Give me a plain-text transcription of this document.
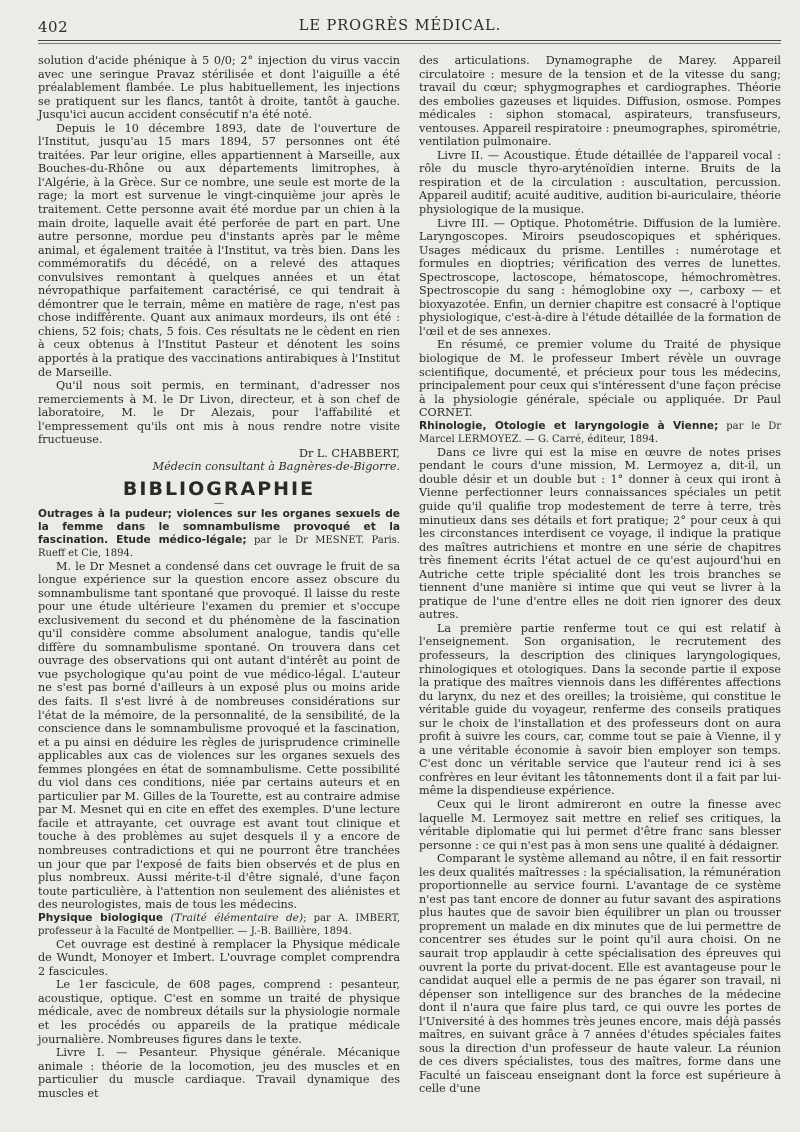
402	LE PROGRÈS MÉDICAL.

solution d'acide phénique à 5 0/0; 2° injection du virus vaccin avec une seringue Pravaz stérilisée et dont l'aiguille a été préalablement flambée. Le plus habituellement, les injections se pratiquent sur les flancs, tantôt à droite, tantôt à gauche. Jusqu'ici aucun accident consécutif n'a été noté.

Depuis le 10 décembre 1893, date de l'ouverture de l'Institut, jusqu'au 15 mars 1894, 57 personnes ont été traitées. Par leur origine, elles appartiennent à Marseille, aux Bouches-du-Rhône ou aux départements limitrophes, à l'Algérie, à la Grèce. Sur ce nombre, une seule est morte de la rage; la mort est survenue le vingt-cinquième jour après le traitement. Cette personne avait été mordue par un chien à la main droite, laquelle avait été perforée de part en part. Une autre personne, mordue peu d'instants après par le même animal, et également traitée à l'Institut, va très bien. Dans les commémoratifs du décédé, on a relevé des attaques convulsives remontant à quelques années et un état névropathique parfaitement caractérisé, ce qui tendrait à démontrer que le terrain, même en matière de rage, n'est pas chose indifférente. Quant aux animaux mordeurs, ils ont été : chiens, 52 fois; chats, 5 fois. Ces résultats ne le cèdent en rien à ceux obtenus à l'Institut Pasteur et dénotent les soins apportés à la pratique des vaccinations antirabiques à l'Institut de Marseille.

Qu'il nous soit permis, en terminant, d'adresser nos remerciements à M. le Dr Livon, directeur, et à son chef de laboratoire, M. le Dr Alezais, pour l'affabilité et l'empressement qu'ils ont mis à nous rendre notre visite fructueuse.

Dr L. CHABBERT,

Médecin consultant à Bagnères-de-Bigorre.

BIBLIOGRAPHIE
—

Outrages à la pudeur; violences sur les organes sexuels de la femme dans le somnambulisme provoqué et la fascination. Etude médico-légale; par le Dr MESNET. Paris. Rueff et Cie, 1894.

M. le Dr Mesnet a condensé dans cet ouvrage le fruit de sa longue expérience sur la question encore assez obscure du somnambulisme tant spontané que provoqué. Il laisse du reste pour une étude ultérieure l'examen du premier et s'occupe exclusivement du second et du phénomène de la fascination qu'il considère comme absolument analogue, tandis qu'elle diffère du somnambulisme spontané. On trouvera dans cet ouvrage des observations qui ont autant d'intérêt au point de vue psychologique qu'au point de vue médico-légal. L'auteur ne s'est pas borné d'ailleurs à un exposé plus ou moins aride des faits. Il s'est livré à de nombreuses considérations sur l'état de la mémoire, de la personnalité, de la sensibilité, de la conscience dans le somnambulisme provoqué et la fascination, et a pu ainsi en déduire les règles de jurisprudence criminelle applicables aux cas de violences sur les organes sexuels des femmes plongées en état de somnambulisme. Cette possibilité du viol dans ces conditions, niée par certains auteurs et en particulier par M. Gilles de la Tourette, est au contraire admise par M. Mesnet qui en cite en effet des exemples. D'une lecture facile et attrayante, cet ouvrage est avant tout clinique et touche à des problèmes au sujet desquels il y a encore de nombreuses contradictions et qui ne pourront être tranchées un jour que par l'exposé de faits bien observés et de plus en plus nombreux. Aussi mérite-t-il d'être signalé, d'une façon toute particulière, à l'attention non seulement des aliénistes et des neurologistes, mais de tous les médecins.

Physique biologique (Traité élémentaire de); par A. IMBERT, professeur à la Faculté de Montpellier. — J.-B. Baillière, 1894.

Cet ouvrage est destiné à remplacer la Physique médicale de Wundt, Monoyer et Imbert. L'ouvrage complet comprendra 2 fascicules.

Le 1er fascicule, de 608 pages, comprend : pesanteur, acoustique, optique. C'est en somme un traité de physique médicale, avec de nombreux détails sur la physiologie normale et les procédés ou appareils de la pratique médicale journalière. Nombreuses figures dans le texte.

Livre I. — Pesanteur. Physique générale. Mécanique animale : théorie de la locomotion, jeu des muscles et en particulier du muscle cardiaque. Travail dynamique des muscles et

des articulations. Dynamographe de Marey. Appareil circulatoire : mesure de la tension et de la vitesse du sang; travail du cœur; sphygmographes et cardiographes. Théorie des embolies gazeuses et liquides. Diffusion, osmose. Pompes médicales : siphon stomacal, aspirateurs, transfuseurs, ventouses. Appareil respiratoire : pneumographes, spirométrie, ventilation pulmonaire.

Livre II. — Acoustique. Étude détaillée de l'appareil vocal : rôle du muscle thyro-aryténoïdien interne. Bruits de la respiration et de la circulation : auscultation, percussion. Appareil auditif; acuité auditive, audition bi-auriculaire, théorie physiologique de la musique.

Livre III. — Optique. Photométrie. Diffusion de la lumière. Laryngoscopes. Miroirs pseudoscopiques et sphériques. Usages médicaux du prisme. Lentilles : numérotage et formules en dioptries; vérification des verres de lunettes. Spectroscope, lactoscope, hématoscope, hémochromètres. Spectroscopie du sang : hémoglobine oxy —, carboxy — et bioxyazotée. Enfin, un dernier chapitre est consacré à l'optique physiologique, c'est-à-dire à l'étude détaillée de la formation de l'œil et de ses annexes.

En résumé, ce premier volume du Traité de physique biologique de M. le professeur Imbert révèle un ouvrage scientifique, documenté, et précieux pour tous les médecins, principalement pour ceux qui s'intéressent d'une façon précise à la physiologie générale, spéciale ou appliquée. Dr Paul CORNET.

Rhinologie, Otologie et laryngologie à Vienne; par le Dr Marcel LERMOYEZ. — G. Carré, éditeur, 1894.

Dans ce livre qui est la mise en œuvre de notes prises pendant le cours d'une mission, M. Lermoyez a, dit-il, un double désir et un double but : 1° donner à ceux qui iront à Vienne perfectionner leurs connaissances spéciales un petit guide qu'il qualifie trop modestement de terre à terre, très minutieux dans ses détails et fort pratique; 2° pour ceux à qui les circonstances interdisent ce voyage, il indique la pratique des maîtres autrichiens et montre en une série de chapitres très finement écrits l'état actuel de ce qu'est aujourd'hui en Autriche cette triple spécialité dont les trois branches se tiennent d'une manière si intime que qui veut se livrer à la pratique de l'une d'entre elles ne doit rien ignorer des deux autres.

La première partie renferme tout ce qui est relatif à l'enseignement. Son organisation, le recrutement des professeurs, la description des cliniques laryngologiques, rhinologiques et otologiques. Dans la seconde partie il expose la pratique des maîtres viennois dans les différentes affections du larynx, du nez et des oreilles; la troisième, qui constitue le véritable guide du voyageur, renferme des conseils pratiques sur le choix de l'installation et des professeurs dont on aura profit à suivre les cours, car, comme tout se paie à Vienne, il y a une véritable économie à savoir bien employer son temps. C'est donc un véritable service que l'auteur rend ici à ses confrères en leur évitant les tâtonnements dont il a fait par lui-même la dispendieuse expérience.

Ceux qui le liront admireront en outre la finesse avec laquelle M. Lermoyez sait mettre en relief ses critiques, la véritable diplomatie qui lui permet d'être franc sans blesser personne : ce qui n'est pas à mon sens une qualité à dédaigner.

Comparant le système allemand au nôtre, il en fait ressortir les deux qualités maîtresses : la spécialisation, la rémunération proportionnelle au service fourni. L'avantage de ce système n'est pas tant encore de donner au futur savant des aspirations plus hautes que de savoir bien équilibrer un plan ou trousser proprement un malade en dix minutes que de lui permettre de concentrer ses études sur le point qu'il aura choisi. On ne saurait trop applaudir à cette spécialisation des épreuves qui ouvrent la porte du privat-docent. Elle est avantageuse pour le candidat auquel elle a permis de ne pas égarer son travail, ni dépenser son intelligence sur des branches de la médecine dont il n'aura que faire plus tard, ce qui ouvre les portes de l'Université à des hommes très jeunes encore, mais déjà passés maîtres, en suivant grâce à 7 années d'études spéciales faites sous la direction d'un professeur de haute valeur. La réunion de ces divers spécialistes, tous des maîtres, forme dans une Faculté un faisceau enseignant dont la force est supérieure à celle d'une
